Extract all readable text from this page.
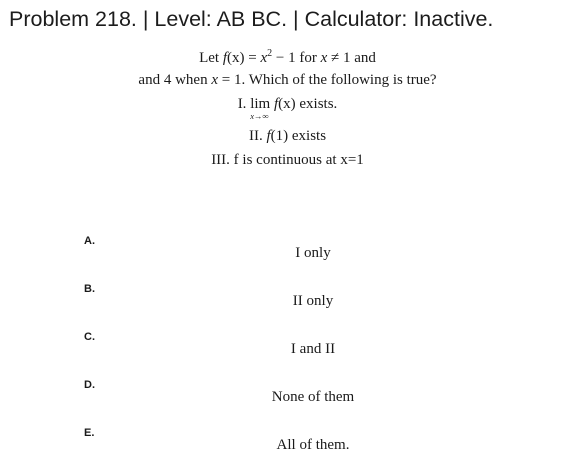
Problem 218. | Level: AB BC. | Calculator: Inactive.
Let $f(x) = x^2 - 1$ for x ≠ 1 and
and 4 when x = 1. Which of the following is true?
I. lim
x→∞
f(x) exists.
II. f(1) exists
III. f is continuous at x=1
A.
I only
B.
II only
C.
I and II
D.
None of them
E.
All of them.
